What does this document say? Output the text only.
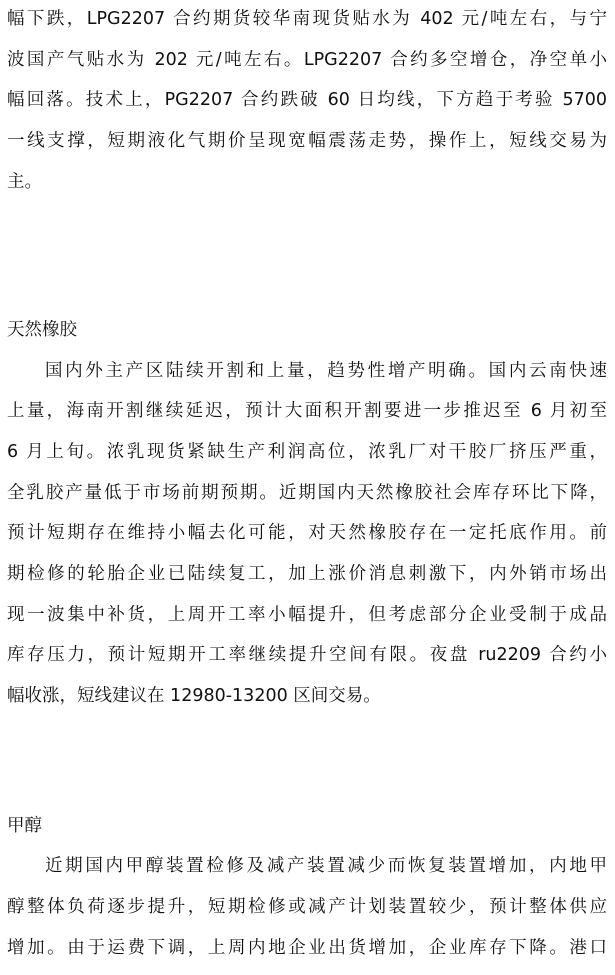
幅下跌，LPG2207 合约期货较华南现货贴水为 402 元/吨左右，与宁
波国产气贴水为 202 元/吨左右。LPG2207 合约多空增仓，净空单小
幅回落。技术上，PG2207 合约跌破 60 日均线，下方趋于考验 5700
一线支撑，短期液化气期价呈现宽幅震荡走势，操作上，短线交易为
主。
天然橡胶
国内外主产区陆续开割和上量，趋势性增产明确。国内云南快速
上量，海南开割继续延迟，预计大面积开割要进一步推迟至 6 月初至
6 月上旬。浓乳现货紧缺生产利润高位，浓乳厂对干胶厂挤压严重，
全乳胶产量低于市场前期预期。近期国内天然橡胶社会库存环比下降，
预计短期存在维持小幅去化可能，对天然橡胶存在一定托底作用。前
期检修的轮胎企业已陆续复工，加上涨价消息刺激下，内外销市场出
现一波集中补货，上周开工率小幅提升，但考虑部分企业受制于成品
库存压力，预计短期开工率继续提升空间有限。夜盘 ru2209 合约小
幅收涨，短线建议在 12980-13200 区间交易。
甲醇
近期国内甲醇装置检修及减产装置减少而恢复装置增加，内地甲
醇整体负荷逐步提升，短期检修或减产计划装置较少，预计整体供应
增加。由于运费下调，上周内地企业出货增加，企业库存下降。港口
